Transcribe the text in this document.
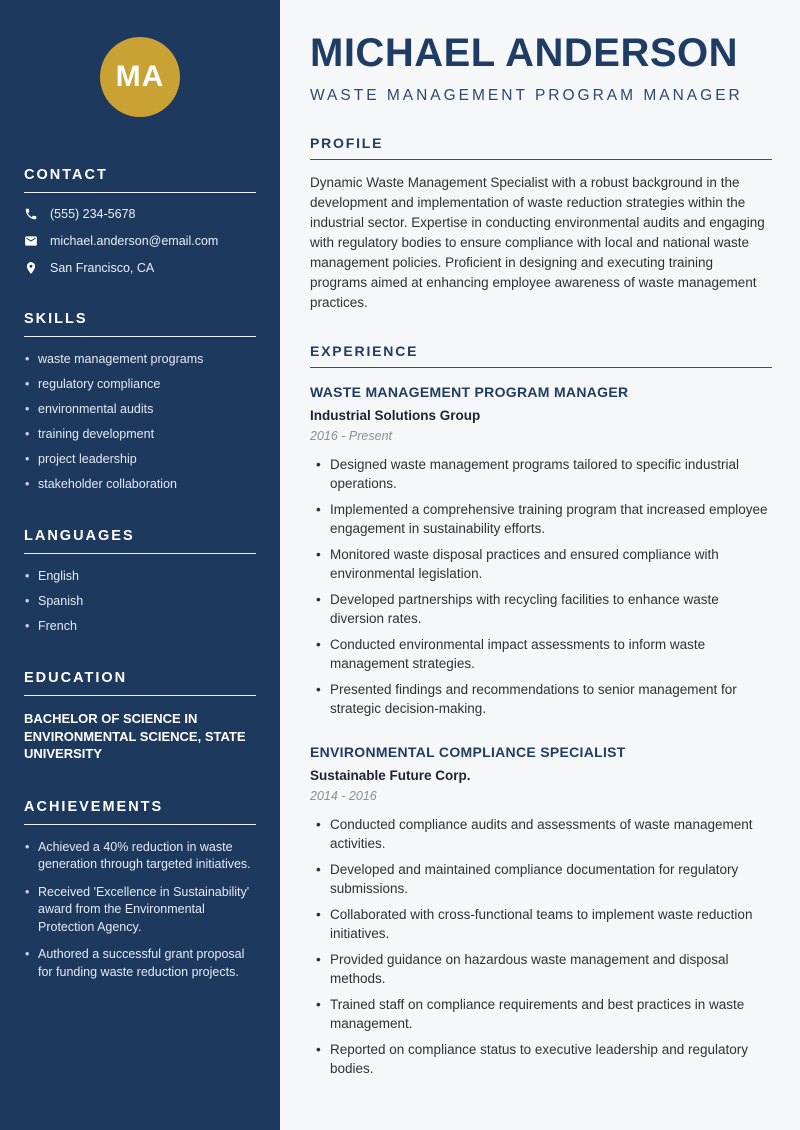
MA
CONTACT
(555) 234-5678
michael.anderson@email.com
San Francisco, CA
SKILLS
• waste management programs
• regulatory compliance
• environmental audits
• training development
• project leadership
• stakeholder collaboration
LANGUAGES
• English
• Spanish
• French
EDUCATION
BACHELOR OF SCIENCE IN ENVIRONMENTAL SCIENCE, STATE UNIVERSITY
ACHIEVEMENTS
• Achieved a 40% reduction in waste generation through targeted initiatives.
• Received 'Excellence in Sustainability' award from the Environmental Protection Agency.
• Authored a successful grant proposal for funding waste reduction projects.
MICHAEL ANDERSON
WASTE MANAGEMENT PROGRAM MANAGER
PROFILE

Dynamic Waste Management Specialist with a robust background in the development and implementation of waste reduction strategies within the industrial sector. Expertise in conducting environmental audits and engaging with regulatory bodies to ensure compliance with local and national waste management policies. Proficient in designing and executing training programs aimed at enhancing employee awareness of waste management practices.

EXPERIENCE
WASTE MANAGEMENT PROGRAM MANAGER
Industrial Solutions Group
2016 - Present
• Designed waste management programs tailored to specific industrial operations.
• Implemented a comprehensive training program that increased employee engagement in sustainability efforts.
• Monitored waste disposal practices and ensured compliance with environmental legislation.
• Developed partnerships with recycling facilities to enhance waste diversion rates.
• Conducted environmental impact assessments to inform waste management strategies.
• Presented findings and recommendations to senior management for strategic decision-making.
ENVIRONMENTAL COMPLIANCE SPECIALIST
Sustainable Future Corp.
2014 - 2016
• Conducted compliance audits and assessments of waste management activities.
• Developed and maintained compliance documentation for regulatory submissions.
• Collaborated with cross-functional teams to implement waste reduction initiatives.
• Provided guidance on hazardous waste management and disposal methods.
• Trained staff on compliance requirements and best practices in waste management.
• Reported on compliance status to executive leadership and regulatory bodies.
